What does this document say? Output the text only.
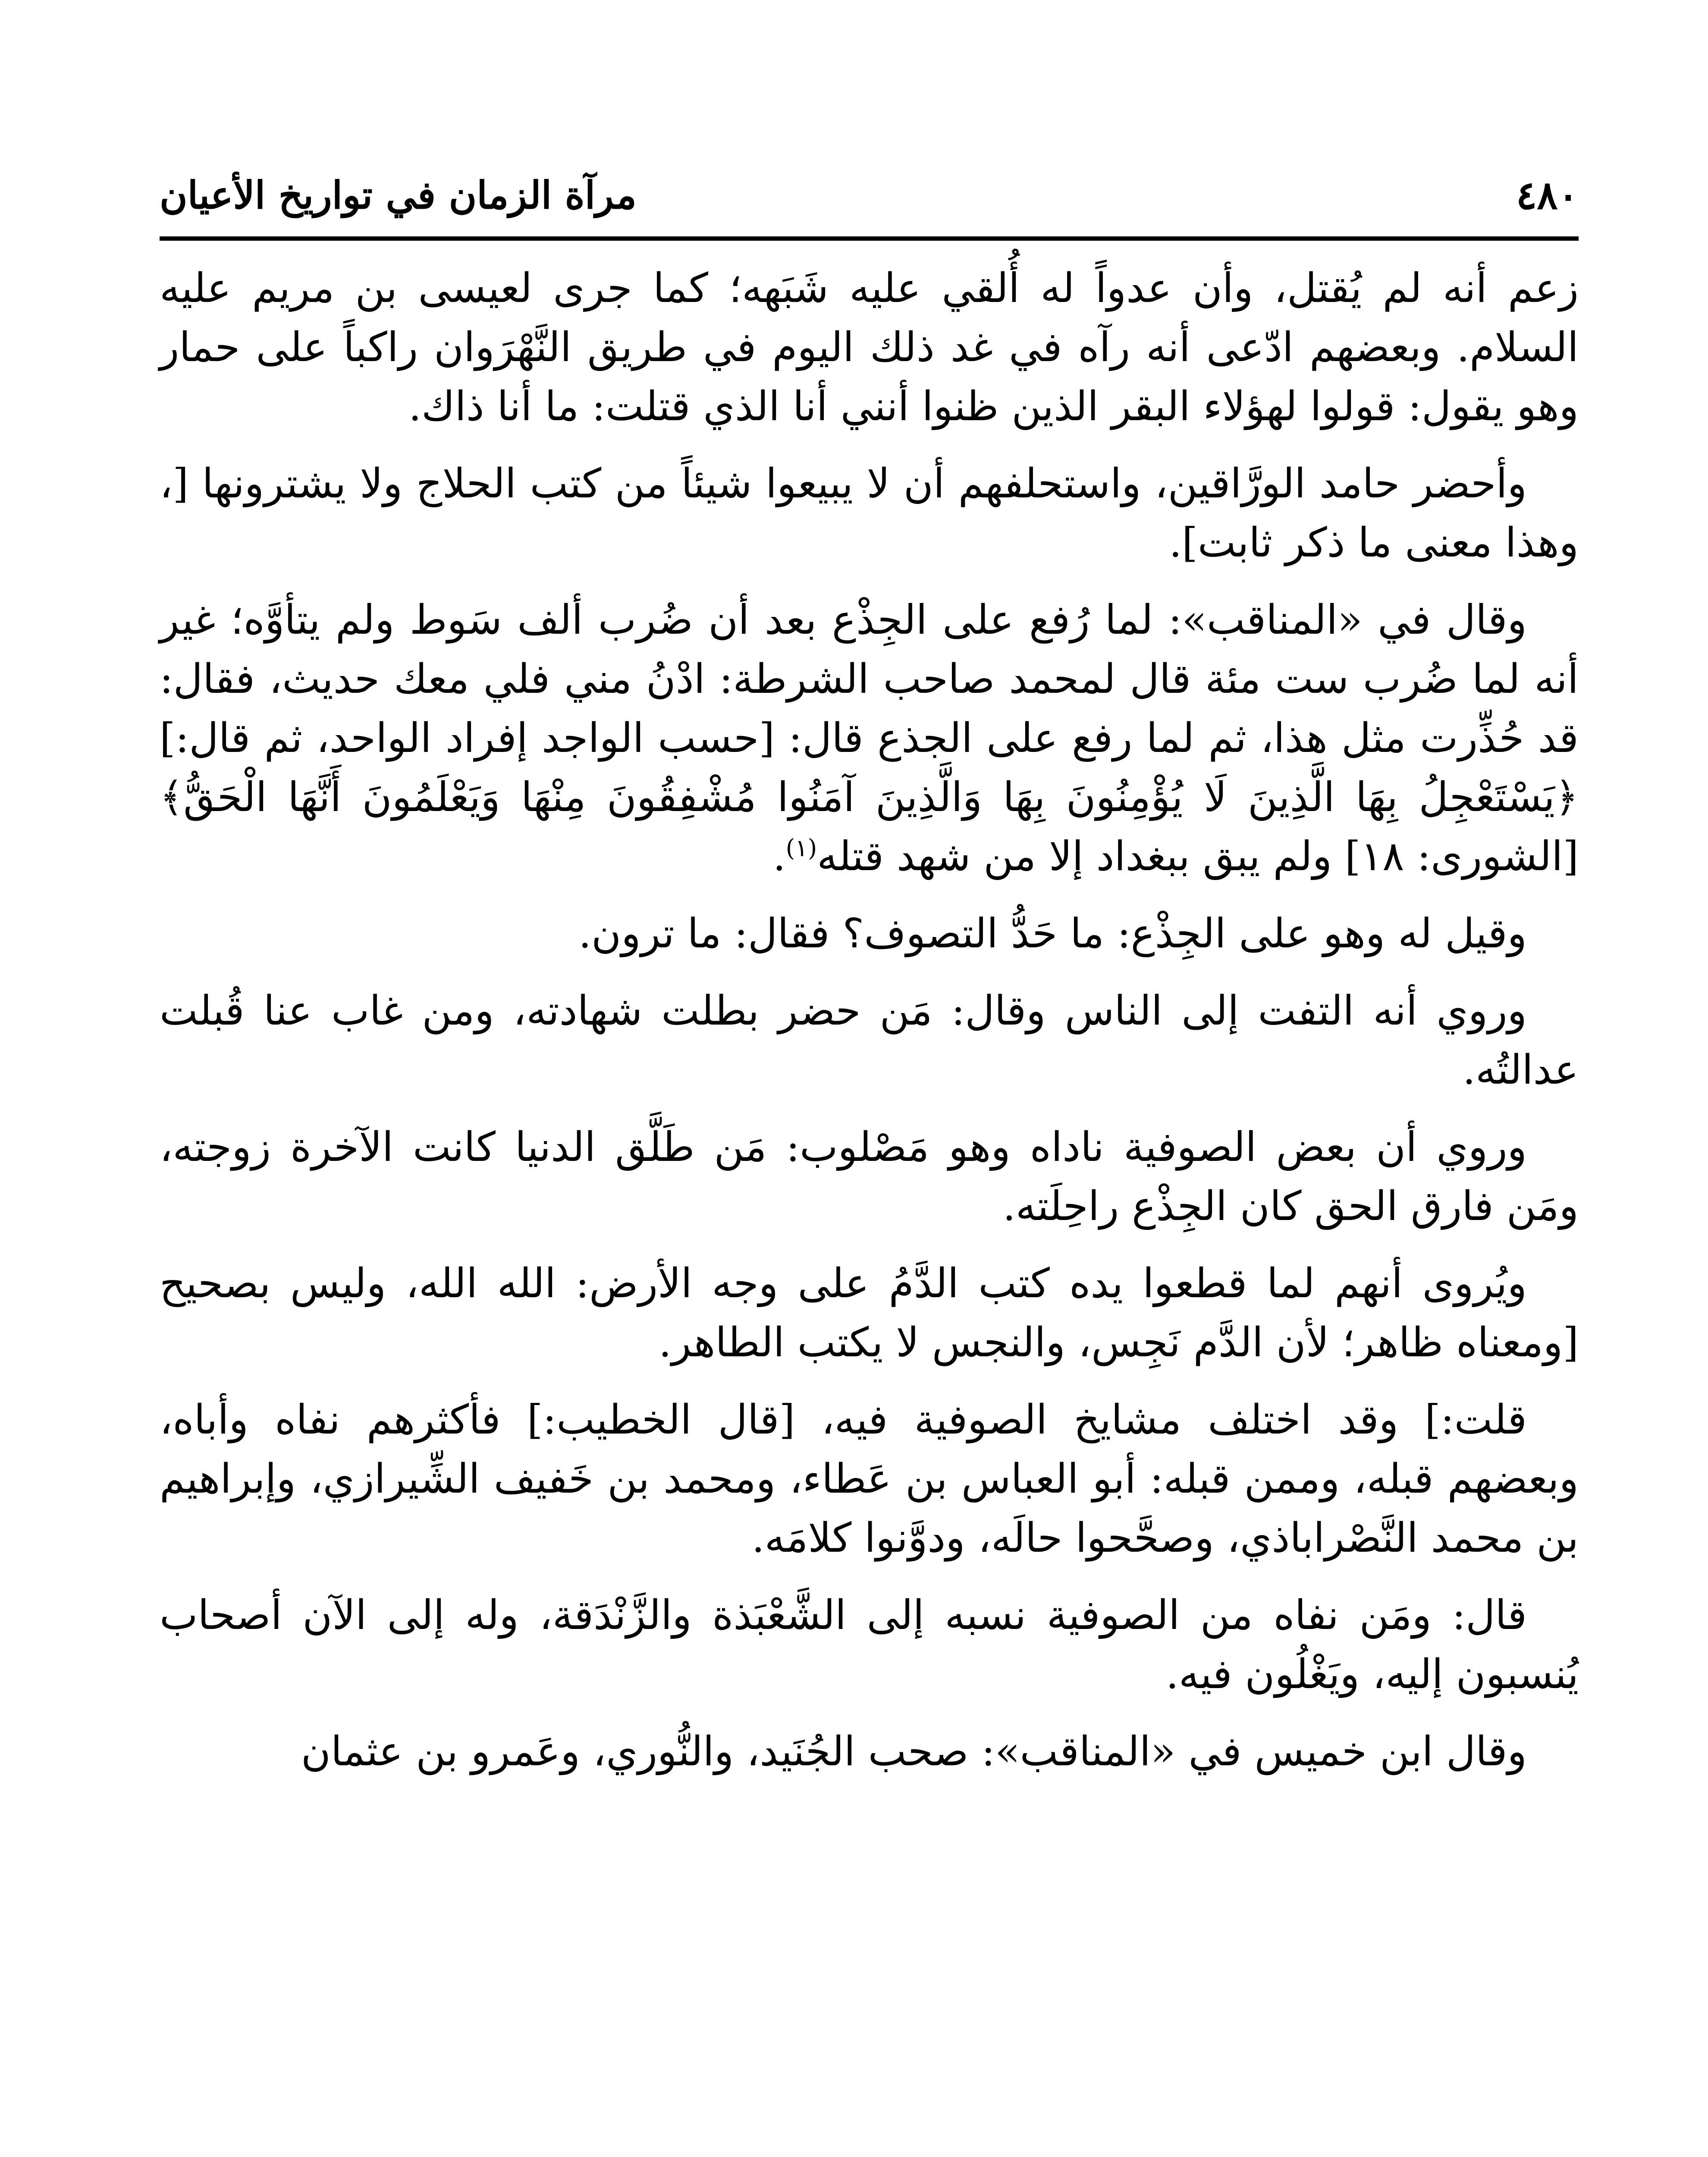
٤٨٠
مرآة الزمان في تواريخ الأعيان

زعم أنه لم يُقتل، وأن عدواً له أُلقي عليه شَبَهه؛ كما جرى لعيسى بن مريم عليه السلام. وبعضهم ادّعى أنه رآه في غد ذلك اليوم في طريق النَّهْرَوان راكباً على حمار وهو يقول: قولوا لهؤلاء البقر الذين ظنوا أنني أنا الذي قتلت: ما أنا ذاك.

وأحضر حامد الورَّاقين، واستحلفهم أن لا يبيعوا شيئاً من كتب الحلاج ولا يشترونها [، وهذا معنى ما ذكر ثابت].

وقال في «المناقب»: لما رُفع على الجِذْع بعد أن ضُرب ألف سَوط ولم يتأوَّه؛ غير أنه لما ضُرب ست مئة قال لمحمد صاحب الشرطة: ادْنُ مني فلي معك حديث، فقال: قد حُذِّرت مثل هذا، ثم لما رفع على الجذع قال: [حسب الواجد إفراد الواحد، ثم قال:] ﴿يَسْتَعْجِلُ بِهَا الَّذِينَ لَا يُؤْمِنُونَ بِهَا وَالَّذِينَ آمَنُوا مُشْفِقُونَ مِنْهَا وَيَعْلَمُونَ أَنَّهَا الْحَقُّ﴾ [الشورى: ١٨] ولم يبق ببغداد إلا من شهد قتله$^{(١)}$.

وقيل له وهو على الجِذْع: ما حَدُّ التصوف؟ فقال: ما ترون.

وروي أنه التفت إلى الناس وقال: مَن حضر بطلت شهادته، ومن غاب عنا قُبلت عدالتُه.

وروي أن بعض الصوفية ناداه وهو مَصْلوب: مَن طَلَّق الدنيا كانت الآخرة زوجته، ومَن فارق الحق كان الجِذْع راحِلَته.

ويُروى أنهم لما قطعوا يده كتب الدَّمُ على وجه الأرض: الله الله، وليس بصحيح [ومعناه ظاهر؛ لأن الدَّم نَجِس، والنجس لا يكتب الطاهر.

قلت:] وقد اختلف مشايخ الصوفية فيه، [قال الخطيب:] فأكثرهم نفاه وأباه، وبعضهم قبله، وممن قبله: أبو العباس بن عَطاء، ومحمد بن خَفيف الشِّيرازي، وإبراهيم بن محمد النَّصْراباذي، وصحَّحوا حالَه، ودوَّنوا كلامَه.

قال: ومَن نفاه من الصوفية نسبه إلى الشَّعْبَذة والزَّنْدَقة، وله إلى الآن أصحاب يُنسبون إليه، ويَغْلُون فيه.

وقال ابن خميس في «المناقب»: صحب الجُنَيد، والنُّوري، وعَمرو بن عثمان
